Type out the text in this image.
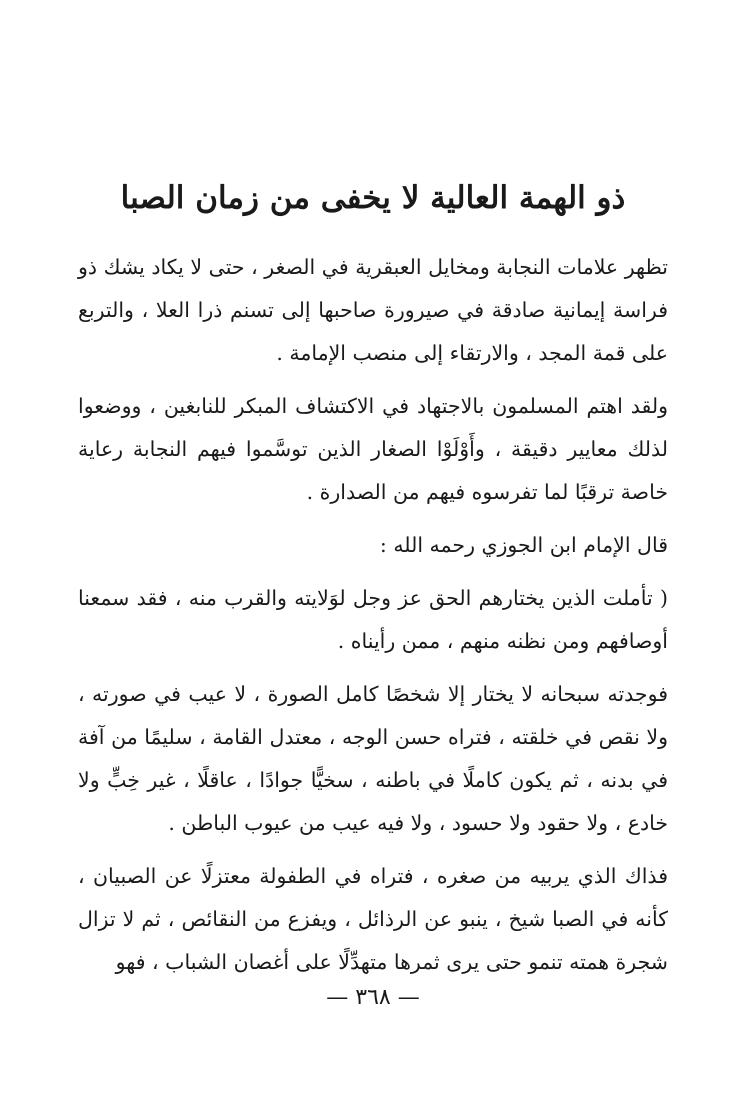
ذو الهمة العالية لا يخفى من زمان الصبا

تظهر علامات النجابة ومخايل العبقرية في الصغر ، حتى لا يكاد يشك ذو فراسة إيمانية صادقة في صيرورة صاحبها إلى تسنم ذرا العلا ، والتربع على قمة المجد ، والارتقاء إلى منصب الإمامة .

ولقد اهتم المسلمون بالاجتهاد في الاكتشاف المبكر للنابغين ، ووضعوا لذلك معايير دقيقة ، وأَوْلَوْا الصغار الذين توسَّموا فيهم النجابة رعاية خاصة ترقبًا لما تفرسوه فيهم من الصدارة .

قال الإمام ابن الجوزي رحمه الله :

( تأملت الذين يختارهم الحق عز وجل لوَلايته والقرب منه ، فقد سمعنا أوصافهم ومن نظنه منهم ، ممن رأيناه .

فوجدته سبحانه لا يختار إلا شخصًا كامل الصورة ، لا عيب في صورته ، ولا نقص في خلقته ، فتراه حسن الوجه ، معتدل القامة ، سليمًا من آفة في بدنه ، ثم يكون كاملًا في باطنه ، سخيًّا جوادًا ، عاقلًا ، غير خِبٍّ ولا خادع ، ولا حقود ولا حسود ، ولا فيه عيب من عيوب الباطن .

فذاك الذي يربيه من صغره ، فتراه في الطفولة معتزلًا عن الصبيان ، كأنه في الصبا شيخ ، ينبو عن الرذائل ، ويفزع من النقائص ، ثم لا تزال شجرة همته تنمو حتى يرى ثمرها متهدِّلًا على أغصان الشباب ، فهو

— ٣٦٨ —
